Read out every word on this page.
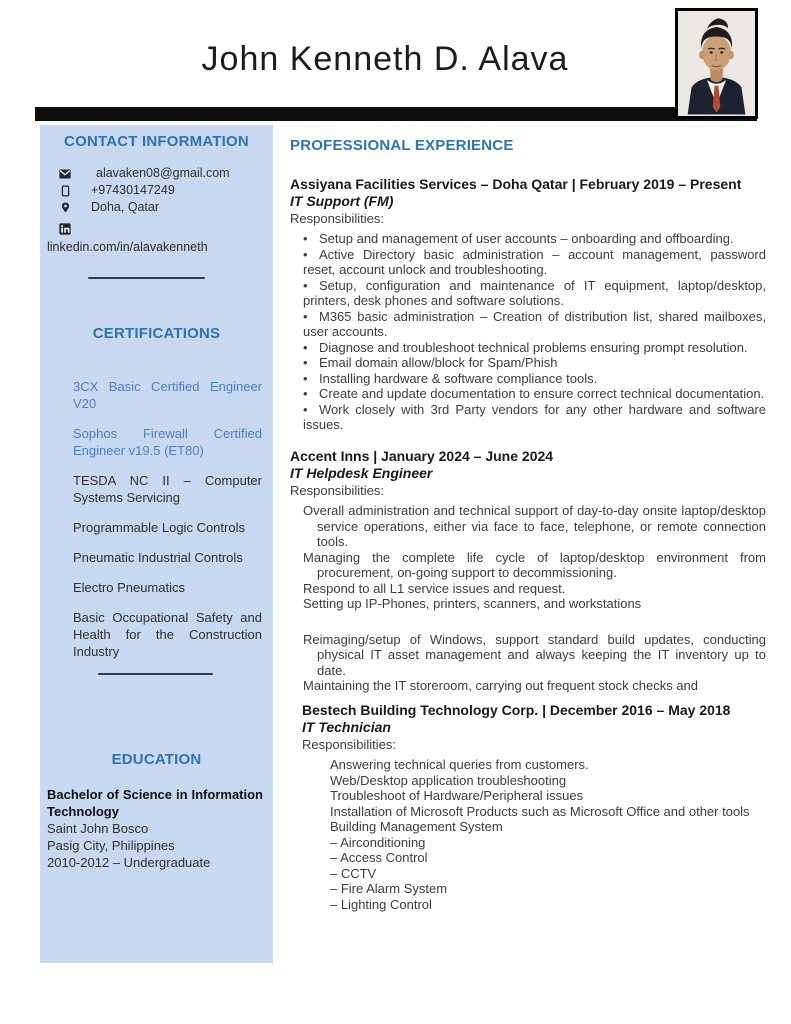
John Kenneth D. Alava
CONTACT INFORMATION
alavaken08@gmail.com
+97430147249
Doha, Qatar
linkedin.com/in/alavakenneth
CERTIFICATIONS
3CX Basic Certified Engineer V20
Sophos Firewall Certified Engineer v19.5 (ET80)
TESDA NC II – Computer Systems Servicing
Programmable Logic Controls
Pneumatic Industrial Controls
Electro Pneumatics
Basic Occupational Safety and Health for the Construction Industry
EDUCATION
Bachelor of Science in Information Technology
Saint John Bosco
Pasig City, Philippines
2010-2012 – Undergraduate
PROFESSIONAL EXPERIENCE
Assiyana Facilities Services – Doha Qatar | February 2019 – Present
IT Support (FM)
Responsibilities:
• Setup and management of user accounts – onboarding and offboarding.
• Active Directory basic administration – account management, password reset, account unlock and troubleshooting.
• Setup, configuration and maintenance of IT equipment, laptop/desktop, printers, desk phones and software solutions.
• M365 basic administration – Creation of distribution list, shared mailboxes, user accounts.
• Diagnose and troubleshoot technical problems ensuring prompt resolution.
• Email domain allow/block for Spam/Phish
• Installing hardware & software compliance tools.
• Create and update documentation to ensure correct technical documentation.
• Work closely with 3rd Party vendors for any other hardware and software issues.
Accent Inns | January 2024 – June 2024
IT Helpdesk Engineer
Responsibilities:
Overall administration and technical support of day-to-day onsite laptop/desktop service operations, either via face to face, telephone, or remote connection tools.
Managing the complete life cycle of laptop/desktop environment from procurement, on-going support to decommissioning.
Respond to all L1 service issues and request.
Setting up IP-Phones, printers, scanners, and workstations
Reimaging/setup of Windows, support standard build updates, conducting physical IT asset management and always keeping the IT inventory up to date.
Maintaining the IT storeroom, carrying out frequent stock checks and
Bestech Building Technology Corp. | December 2016 – May 2018
IT Technician
Responsibilities:
Answering technical queries from customers.
Web/Desktop application troubleshooting
Troubleshoot of Hardware/Peripheral issues
Installation of Microsoft Products such as Microsoft Office and other tools
Building Management System
– Airconditioning
– Access Control
– CCTV
– Fire Alarm System
– Lighting Control
